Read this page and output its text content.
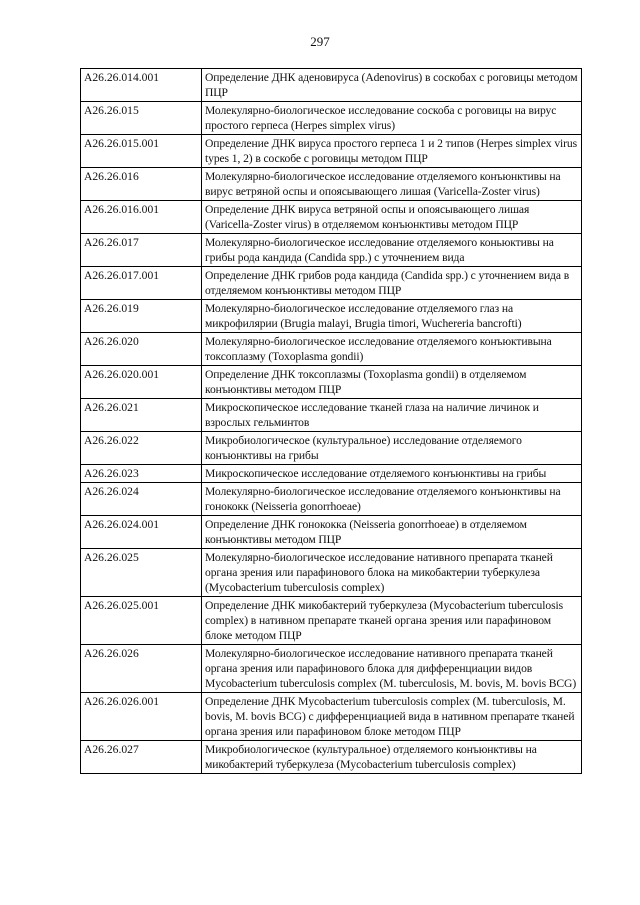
297
A26.26.014.001	Определение ДНК аденовируса (Adenovirus) в соскобах с роговицы методом ПЦР
A26.26.015	Молекулярно-биологическое исследование соскоба с роговицы на вирус простого герпеса (Herpes simplex virus)
A26.26.015.001	Определение ДНК вируса простого герпеса 1 и 2 типов (Herpes simplex virus types 1, 2) в соскобе с роговицы методом ПЦР
A26.26.016	Молекулярно-биологическое исследование отделяемого конъюнктивы на вирус ветряной оспы и опоясывающего лишая (Varicella-Zoster virus)
A26.26.016.001	Определение ДНК вируса ветряной оспы и опоясывающего лишая (Varicella-Zoster virus) в отделяемом конъюнктивы методом ПЦР
A26.26.017	Молекулярно-биологическое исследование отделяемого коньюктивы на грибы рода кандида (Candida spp.) с уточнением вида
A26.26.017.001	Определение ДНК грибов рода кандида (Candida spp.) с уточнением вида в отделяемом конъюнктивы методом ПЦР
A26.26.019	Молекулярно-биологическое исследование отделяемого глаз на микрофилярии (Brugia malayi, Brugia timori, Wuchereria bancrofti)
A26.26.020	Молекулярно-биологическое исследование отделяемого конъюктивына токсоплазму (Toxoplasma gondii)
A26.26.020.001	Определение ДНК токсоплазмы (Toxoplasma gondii) в отделяемом конъюнктивы методом ПЦР
A26.26.021	Микроскопическое исследование тканей глаза на наличие личинок и взрослых гельминтов
A26.26.022	Микробиологическое (культуральное) исследование отделяемого конъюнктивы на грибы
A26.26.023	Микроскопическое исследование отделяемого конъюнктивы на грибы
A26.26.024	Молекулярно-биологическое исследование отделяемого конъюнктивы на гонококк (Neisseria gonorrhoeae)
A26.26.024.001	Определение ДНК гонококка (Neisseria gonorrhoeae) в отделяемом конъюнктивы методом ПЦР
A26.26.025	Молекулярно-биологическое исследование нативного препарата тканей органа зрения или парафинового блока на микобактерии туберкулеза (Mycobacterium tuberculosis complex)
A26.26.025.001	Определение ДНК микобактерий туберкулеза (Mycobacterium tuberculosis complex) в нативном препарате тканей органа зрения или парафиновом блоке методом ПЦР
A26.26.026	Молекулярно-биологическое исследование нативного препарата тканей органа зрения или парафинового блока для дифференциации видов Mycobacterium tuberculosis complex (M. tuberculosis, M. bovis, M. bovis BCG)
A26.26.026.001	Определение ДНК Mycobacterium tuberculosis complex (M. tuberculosis, M. bovis, M. bovis BCG) с дифференциацией вида в нативном препарате тканей органа зрения или парафиновом блоке методом ПЦР
A26.26.027	Микробиологическое (культуральное) отделяемого конъюнктивы на микобактерий туберкулеза (Mycobacterium tuberculosis complex)
